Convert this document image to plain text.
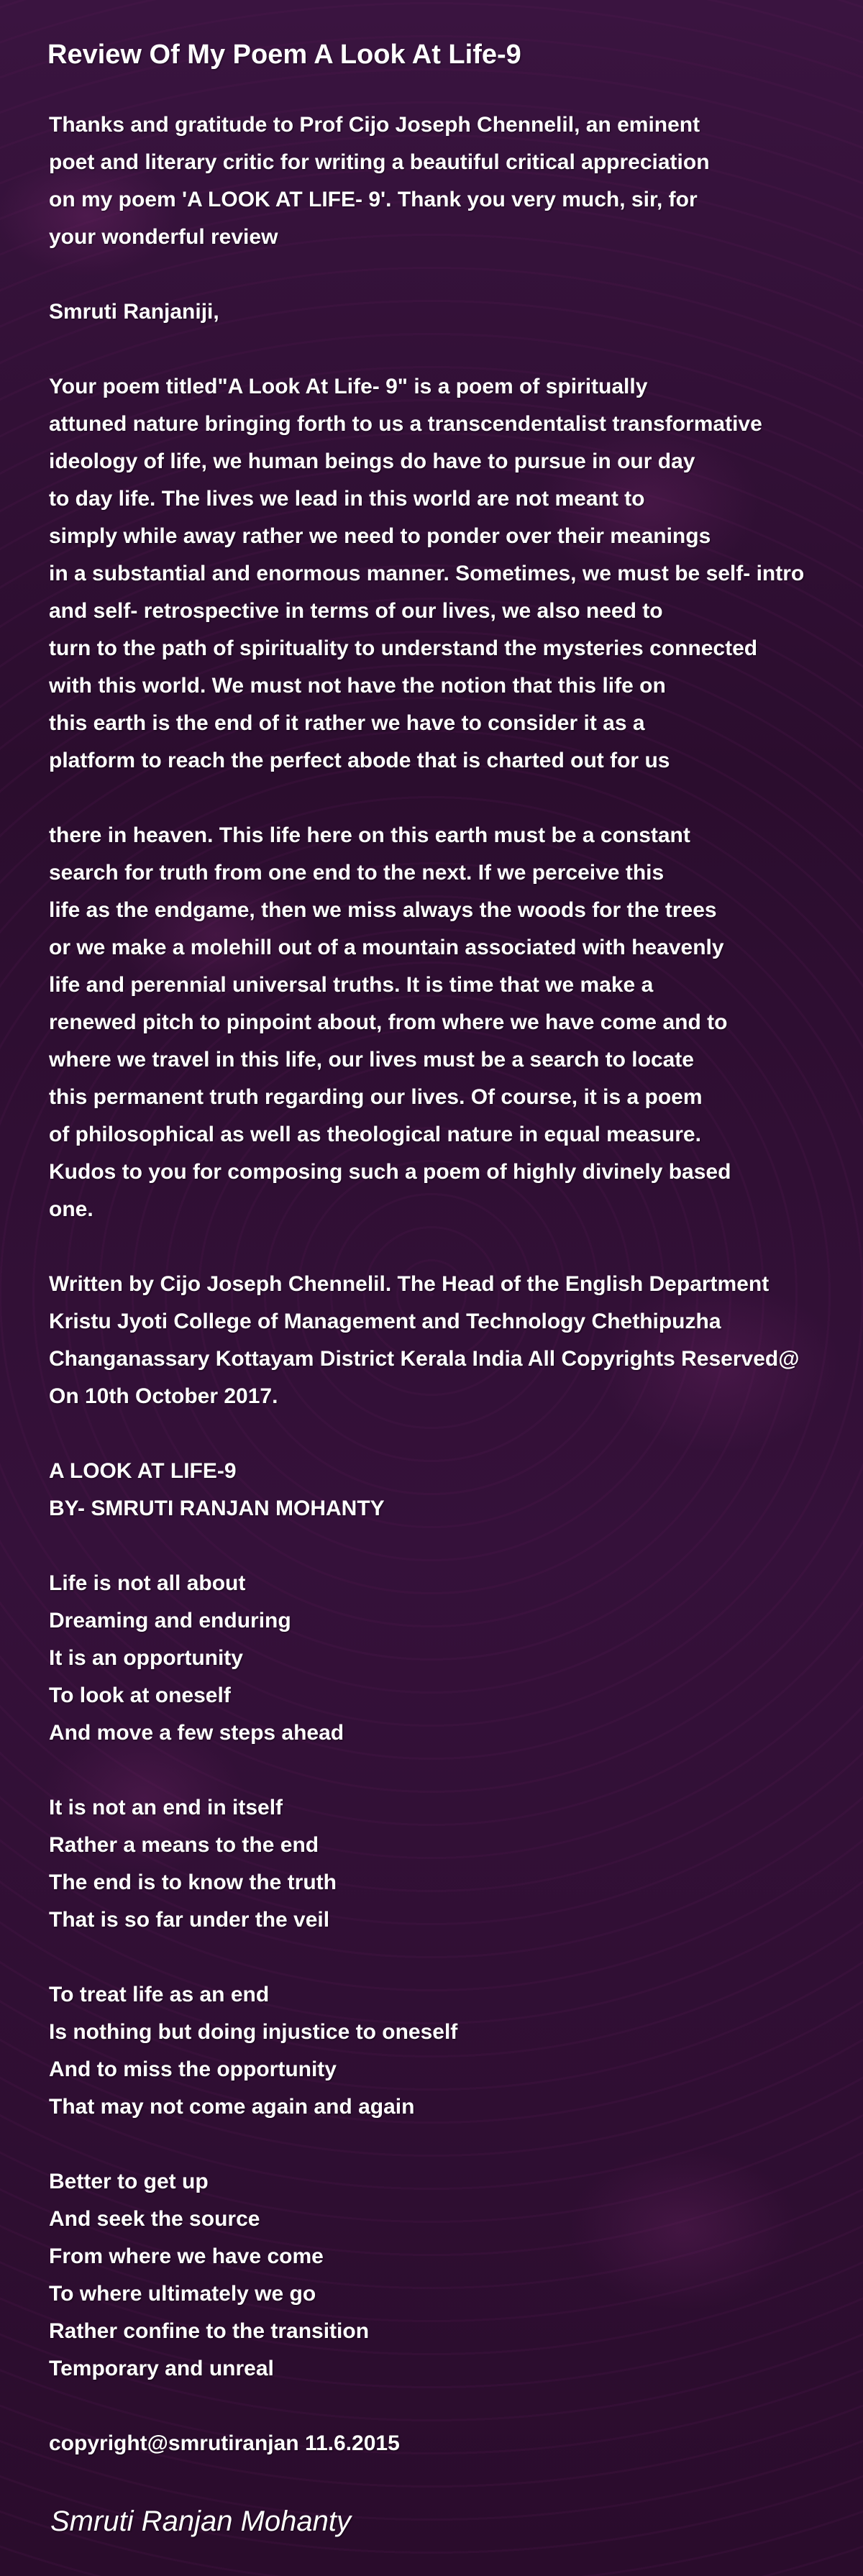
Review Of My Poem A Look At Life-9
Thanks and gratitude to Prof Cijo Joseph Chennelil, an eminent
poet and literary critic for writing a beautiful critical appreciation
on my poem 'A LOOK AT LIFE- 9'. Thank you very much, sir, for
your wonderful review
Smruti Ranjaniji,
Your poem titled"A Look At Life- 9" is a poem of spiritually
attuned nature bringing forth to us a transcendentalist transformative
ideology of life, we human beings do have to pursue in our day
to day life. The lives we lead in this world are not meant to
simply while away rather we need to ponder over their meanings
in a substantial and enormous manner. Sometimes, we must be self- intro
and self- retrospective in terms of our lives, we also need to
turn to the path of spirituality to understand the mysteries connected
with this world. We must not have the notion that this life on
this earth is the end of it rather we have to consider it as a
platform to reach the perfect abode that is charted out for us
there in heaven. This life here on this earth must be a constant
search for truth from one end to the next. If we perceive this
life as the endgame, then we miss always the woods for the trees
or we make a molehill out of a mountain associated with heavenly
life and perennial universal truths. It is time that we make a
renewed pitch to pinpoint about, from where we have come and to
where we travel in this life, our lives must be a search to locate
this permanent truth regarding our lives. Of course, it is a poem
of philosophical as well as theological nature in equal measure.
Kudos to you for composing such a poem of highly divinely based
one.
Written by Cijo Joseph Chennelil. The Head of the English Department
Kristu Jyoti College of Management and Technology Chethipuzha
Changanassary Kottayam District Kerala India All Copyrights Reserved@
On 10th October 2017.
A LOOK AT LIFE-9
BY- SMRUTI RANJAN MOHANTY
Life is not all about
Dreaming and enduring
It is an opportunity
To look at oneself
And move a few steps ahead
It is not an end in itself
Rather a means to the end
The end is to know the truth
That is so far under the veil
To treat life as an end
Is nothing but doing injustice to oneself
And to miss the opportunity
That may not come again and again
Better to get up
And seek the source
From where we have come
To where ultimately we go
Rather confine to the transition
Temporary and unreal
copyright@smrutiranjan 11.6.2015
Smruti Ranjan Mohanty
